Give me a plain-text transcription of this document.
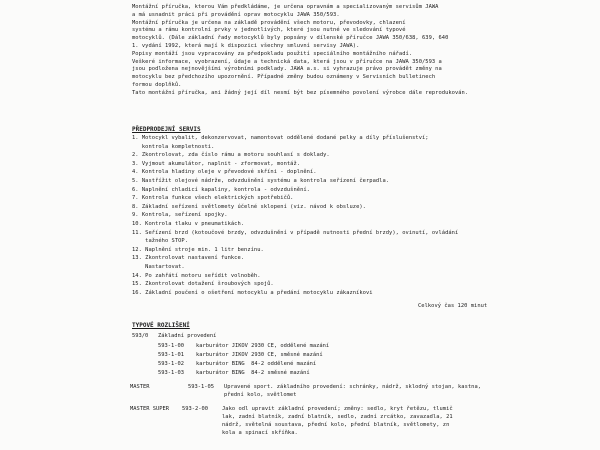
Montážní příručka, kterou Vám předkládáme, je určena opravnám a specializovaným servisům JAWA
a má usnadnit práci při provádění oprav motocyklu JAWA 350/593.
Montážní příručka je určena na základě provádění všech motoru, převodovky, chlazení
systému a rámu kontrolní prvky v jednotlivých, které jsou nutné ve sledování typové
motocyklů. (Dále základní řady motocyklů byly popsány v dílenské příručce JAWA 350/638, 639, 640
1. vydání 1992, která mají k dispozici všechny smluvní servisy JAWA).
Popisy montáží jsou vypracovány za předpokladu použití speciálního montážního nářadí.
Veškeré informace, vyobrazení, údaje a technická data, která jsou v příručce na JAWA 350/593 a
jsou podložena nejnovějšími výrobními podklady. JAWA a.s. si vyhrazuje právo provádět změny na
motocyklu bez předchozího upozornění. Případné změny budou oznámeny v Servisních bulletinech
formou doplňků.
Tato montážní příručka, ani žádný její díl nesmí být bez písemného povolení výrobce dále reprodukován.
PŘEDPRODEJNÍ SERVIS
1. Motocykl vybalit, dekonzervovat, namontovat oddělené dodané pelky a díly příslušenství;
kontrola kompletnosti.
2. Zkontrolovat, zda číslo rámu a motoru souhlasí s doklady.
3. Vyjmout akumulátor, naplnit - zformovat, montáž.
4. Kontrola hladiny oleje v převodové skříni - doplnění.
5. Nastřížit olejové nádrže, odvzdušnění systému a kontrola seřízení čerpadla.
6. Naplnění chladicí kapaliny, kontrola - odvzdušnění.
7. Kontrola funkce všech elektrických spotřebičů.
8. Základní seřízení světlomety účelné sklopení (viz. návod k obsluze).
9. Kontrola, seřízení spojky.
10. Kontrola tlaku v pneumatikách.
11. Seřízení brzd (kotoučové brzdy, odvzdušnění v případě nutnosti přední brzdy), ovinutí, ovládání
tažného STOP.
12. Naplnění stroje min. 1 litr benzínu.
13. Zkontrolovat nastavení funkce.
Nastartovat.
14. Po zahřátí motoru seřídit volnoběh.
15. Zkontrolovat dotažení šroubových spojů.
16. Základní poučení o ošetření motocyklu a předání motocyklu zákazníkovi
Celkový čas 120 minut
TYPOVÉ ROZLIŠENÍ
593/0 Základní provedení
593-1-00 karburátor JIKOV 2930 CE, oddělené mazání
593-1-01 karburátor JIKOV 2930 CE, směsné mazání
593-1-02 karburátor BING  84-2 oddělené mazání
593-1-03 karburátor BING  84-2 směsné mazání
MASTER	593-1-05 Upravené sport. základního provedení: schránky, nádrž, sklodný stojan, kastna,
přední kolo, světlomet
MASTER SUPER 593-2-00	Jako odl upravit základní provedení; změny: sedlo, kryt řetězu, tlumič
lak, zadní blatník, zadní blatník, sedlo, zadní zrcátko, zavazadla, 21
nádrž, světelná soustava, přední kolo, přední blatník, světlomety, zn
kola a spinací skříňka.
